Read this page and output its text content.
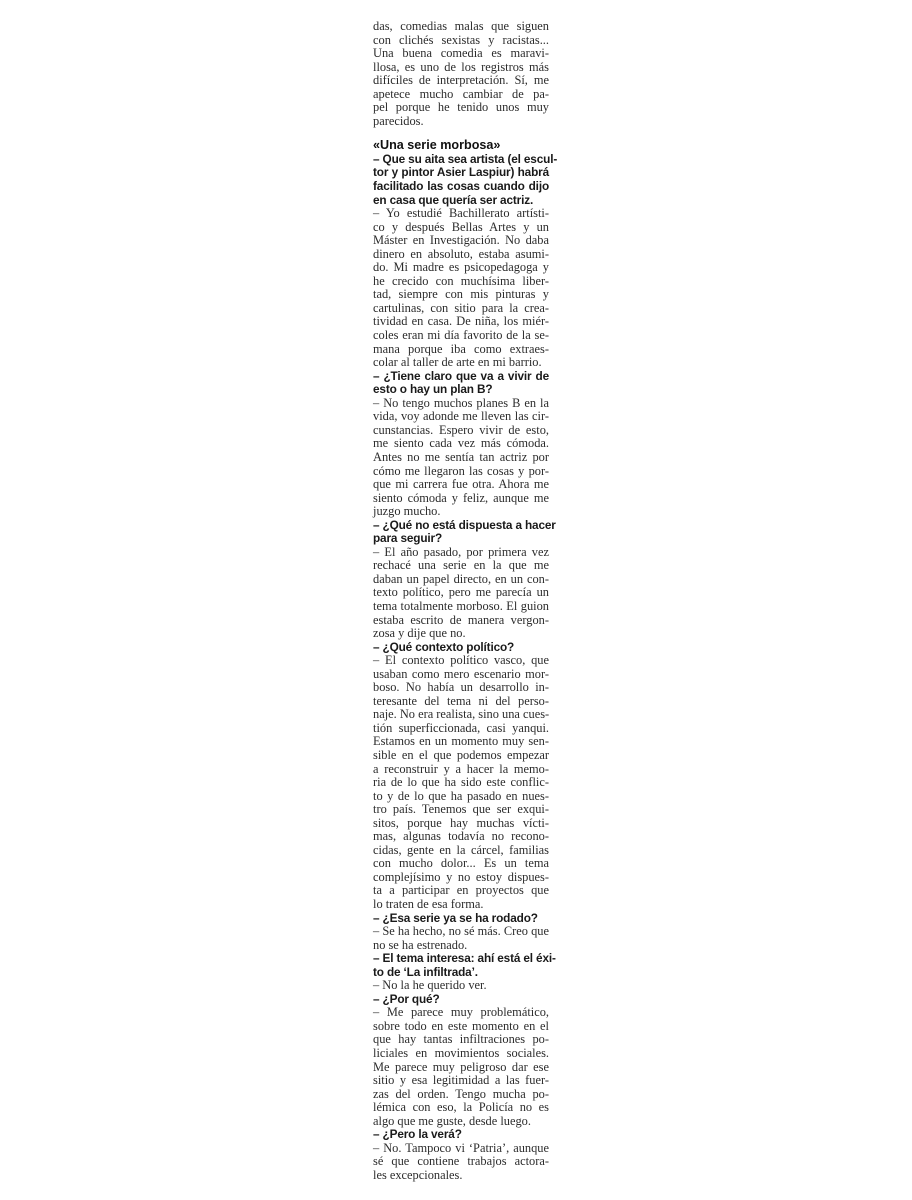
das, comedias malas que siguen
con clichés sexistas y racistas...
Una buena comedia es maravi-
llosa, es uno de los registros más
difíciles de interpretación. Sí, me
apetece mucho cambiar de pa-
pel porque he tenido unos muy
parecidos.
«Una serie morbosa»
– Que su aita sea artista (el escul-
tor y pintor Asier Laspiur) habrá
facilitado las cosas cuando dijo
en casa que quería ser actriz.
– Yo estudié Bachillerato artísti-
co y después Bellas Artes y un
Máster en Investigación. No daba
dinero en absoluto, estaba asumi-
do. Mi madre es psicopedagoga y
he crecido con muchísima liber-
tad, siempre con mis pinturas y
cartulinas, con sitio para la crea-
tividad en casa. De niña, los miér-
coles eran mi día favorito de la se-
mana porque iba como extraes-
colar al taller de arte en mi barrio.
– ¿Tiene claro que va a vivir de
esto o hay un plan B?
– No tengo muchos planes B en la
vida, voy adonde me lleven las cir-
cunstancias. Espero vivir de esto,
me siento cada vez más cómoda.
Antes no me sentía tan actriz por
cómo me llegaron las cosas y por-
que mi carrera fue otra. Ahora me
siento cómoda y feliz, aunque me
juzgo mucho.
– ¿Qué no está dispuesta a hacer
para seguir?
– El año pasado, por primera vez
rechacé una serie en la que me
daban un papel directo, en un con-
texto político, pero me parecía un
tema totalmente morboso. El guion
estaba escrito de manera vergon-
zosa y dije que no.
– ¿Qué contexto político?
– El contexto político vasco, que
usaban como mero escenario mor-
boso. No había un desarrollo in-
teresante del tema ni del perso-
naje. No era realista, sino una cues-
tión superficcionada, casi yanqui.
Estamos en un momento muy sen-
sible en el que podemos empezar
a reconstruir y a hacer la memo-
ria de lo que ha sido este conflic-
to y de lo que ha pasado en nues-
tro país. Tenemos que ser exqui-
sitos, porque hay muchas vícti-
mas, algunas todavía no recono-
cidas, gente en la cárcel, familias
con mucho dolor... Es un tema
complejísimo y no estoy dispues-
ta a participar en proyectos que
lo traten de esa forma.
– ¿Esa serie ya se ha rodado?
– Se ha hecho, no sé más. Creo que
no se ha estrenado.
– El tema interesa: ahí está el éxi-
to de ‘La infiltrada’.
– No la he querido ver.
– ¿Por qué?
– Me parece muy problemático,
sobre todo en este momento en el
que hay tantas infiltraciones po-
liciales en movimientos sociales.
Me parece muy peligroso dar ese
sitio y esa legitimidad a las fuer-
zas del orden. Tengo mucha po-
lémica con eso, la Policía no es
algo que me guste, desde luego.
– ¿Pero la verá?
– No. Tampoco vi ‘Patria’, aunque
sé que contiene trabajos actora-
les excepcionales.
